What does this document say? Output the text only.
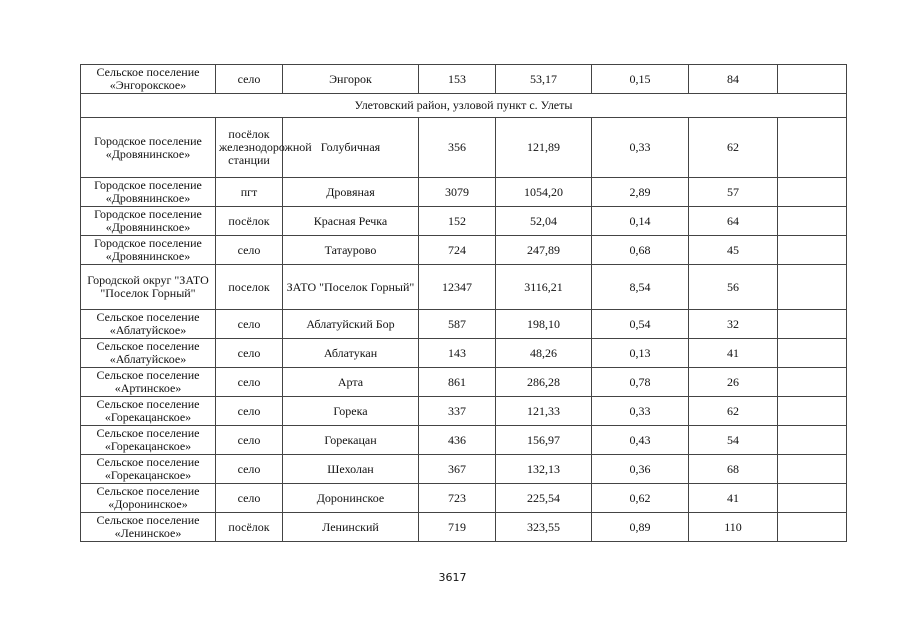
Сельское поселение «Энгорокское»	село	Энгорок	153	53,17	0,15	84	
Улетовский район, узловой пункт с. Улеты							
Городское поселение «Дровянинское»	посёлок железнодорожной станции	Голубичная	356	121,89	0,33	62	
Городское поселение «Дровянинское»	пгт	Дровяная	3079	1054,20	2,89	57	
Городское поселение «Дровянинское»	посёлок	Красная Речка	152	52,04	0,14	64	
Городское поселение «Дровянинское»	село	Татаурово	724	247,89	0,68	45	
Городской округ "ЗАТО "Поселок Горный"	поселок	ЗАТО "Поселок Горный"	12347	3116,21	8,54	56	
Сельское поселение «Аблатуйское»	село	Аблатуйский Бор	587	198,10	0,54	32	
Сельское поселение «Аблатуйское»	село	Аблатукан	143	48,26	0,13	41	
Сельское поселение «Артинское»	село	Арта	861	286,28	0,78	26	
Сельское поселение «Горекацанское»	село	Горека	337	121,33	0,33	62	
Сельское поселение «Горекацанское»	село	Горекацан	436	156,97	0,43	54	
Сельское поселение «Горекацанское»	село	Шехолан	367	132,13	0,36	68	
Сельское поселение «Доронинское»	село	Доронинское	723	225,54	0,62	41	
Сельское поселение «Ленинское»	посёлок	Ленинский	719	323,55	0,89	110	
3617
